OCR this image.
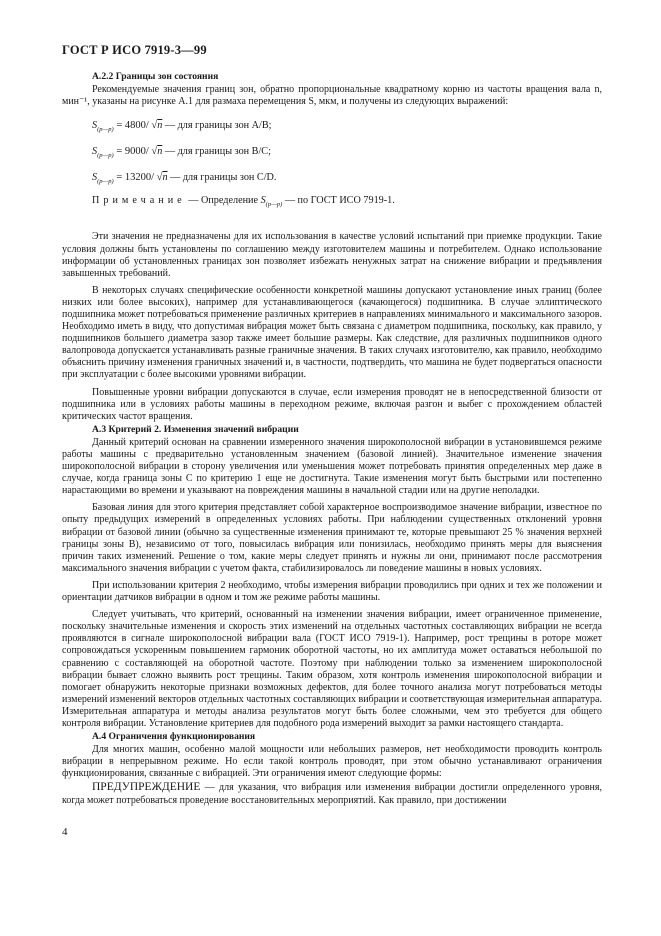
ГОСТ Р ИСО 7919-3—99
А.2.2 Границы зон состояния

Рекомендуемые значения границ зон, обратно пропорциональные квадратному корню из частоты вращения вала n, мин⁻¹, указаны на рисунке А.1 для размаха перемещения S, мкм, и получены из следующих выражений:

$S_{(p—p)} = 4800/$ √n — для границы зон A/B;
$S_{(p—p)} = 9000/$ √n — для границы зон B/C;
$S_{(p—p)} = 13200/$ √n — для границы зон C/D.
Примечание — Определение $S_{(p—p)}$ — по ГОСТ ИСО 7919-1.

Эти значения не предназначены для их использования в качестве условий испытаний при приемке продукции. Такие условия должны быть установлены по соглашению между изготовителем машины и потребителем. Однако использование информации об установленных границах зон позволяет избежать ненужных затрат на снижение вибрации и предъявления завышенных требований.

В некоторых случаях специфические особенности конкретной машины допускают установление иных границ (более низких или более высоких), например для устанавливающегося (качающегося) подшипника. В случае эллиптического подшипника может потребоваться применение различных критериев в направлениях минимального и максимального зазоров. Необходимо иметь в виду, что допустимая вибрация может быть связана с диаметром подшипника, поскольку, как правило, у подшипников большего диаметра зазор также имеет большие размеры. Как следствие, для различных подшипников одного валопровода допускается устанавливать разные граничные значения. В таких случаях изготовителю, как правило, необходимо объяснить причину изменения граничных значений и, в частности, подтвердить, что машина не будет подвергаться опасности при эксплуатации с более высокими уровнями вибрации.

Повышенные уровни вибрации допускаются в случае, если измерения проводят не в непосредственной близости от подшипника или в условиях работы машины в переходном режиме, включая разгон и выбег с прохождением областей критических частот вращения.

А.3 Критерий 2. Изменения значений вибрации

Данный критерий основан на сравнении измеренного значения широкополосной вибрации в установившемся режиме работы машины с предварительно установленным значением (базовой линией). Значительное изменение значения широкополосной вибрации в сторону увеличения или уменьшения может потребовать принятия определенных мер даже в случае, когда граница зоны C по критерию 1 еще не достигнута. Такие изменения могут быть быстрыми или постепенно нарастающими во времени и указывают на повреждения машины в начальной стадии или на другие неполадки.

Базовая линия для этого критерия представляет собой характерное воспроизводимое значение вибрации, известное по опыту предыдущих измерений в определенных условиях работы. При наблюдении существенных отклонений уровня вибрации от базовой линии (обычно за существенные изменения принимают те, которые превышают 25 % значения верхней границы зоны B), независимо от того, повысилась вибрация или понизилась, необходимо принять меры для выяснения причин таких изменений. Решение о том, какие меры следует принять и нужны ли они, принимают после рассмотрения максимального значения вибрации с учетом факта, стабилизировалось ли поведение машины в новых условиях.

При использовании критерия 2 необходимо, чтобы измерения вибрации проводились при одних и тех же положении и ориентации датчиков вибрации в одном и том же режиме работы машины.

Следует учитывать, что критерий, основанный на изменении значения вибрации, имеет ограниченное применение, поскольку значительные изменения и скорость этих изменений на отдельных частотных составляющих вибрации не всегда проявляются в сигнале широкополосной вибрации вала (ГОСТ ИСО 7919-1). Например, рост трещины в роторе может сопровождаться ускоренным повышением гармоник оборотной частоты, но их амплитуда может оставаться небольшой по сравнению с составляющей на оборотной частоте. Поэтому при наблюдении только за изменением широкополосной вибрации бывает сложно выявить рост трещины. Таким образом, хотя контроль изменения широкополосной вибрации и помогает обнаружить некоторые признаки возможных дефектов, для более точного анализа могут потребоваться методы измерений изменений векторов отдельных частотных составляющих вибрации и соответствующая измерительная аппаратура. Измерительная аппаратура и методы анализа результатов могут быть более сложными, чем это требуется для общего контроля вибрации. Установление критериев для подобного рода измерений выходит за рамки настоящего стандарта.

А.4 Ограничения функционирования

Для многих машин, особенно малой мощности или небольших размеров, нет необходимости проводить контроль вибрации в непрерывном режиме. Но если такой контроль проводят, при этом обычно устанавливают ограничения функционирования, связанные с вибрацией. Эти ограничения имеют следующие формы:

ПРЕДУПРЕЖДЕНИЕ — для указания, что вибрация или изменения вибрации достигли определенного уровня, когда может потребоваться проведение восстановительных мероприятий. Как правило, при достижении

4
